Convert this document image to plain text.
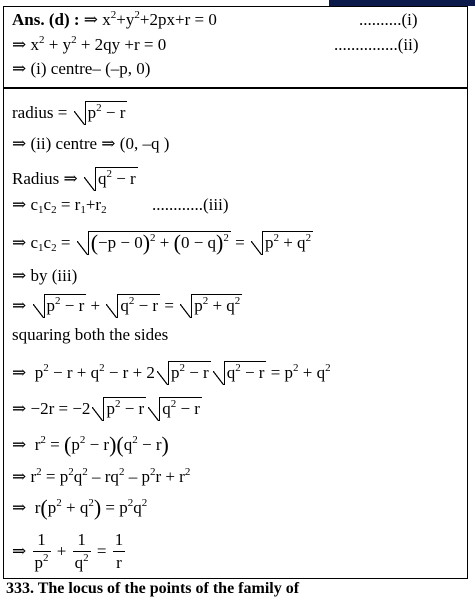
Ans. (d) : ⇒ $x^2+y^2+2px+r = 0$	..........(i)
⇒ $x^2 + y^2 + 2qy +r = 0$	...............(ii)
⇒ (i) centre– (–p, 0)
radius = $p^2 - r$
⇒ (ii) centre ⇒ (0, –q )
Radius ⇒ $q^2 - r$
⇒ $c_1c_2 = r_1+r_2$	............(iii)
⇒ $c_1c_2 = (-p - 0)^2 + (0 - q)^2 = p^2 + q^2$
⇒ by (iii)
⇒ $p^2 - r + q^2 - r = p^2 + q^2$
squaring both the sides
⇒  $p^2 - r + q^2 - r + 2$ $p^2 - r$ $q^2 - r = p^2 + q^2$
⇒ −2r = −2 $p^2 - r$ $q^2 - r$
⇒  $r^2 = (p^2 - r)(q^2 - r)$
⇒ $r^2 = p^2q^2 - rq^2 - p^2r + r^2$
⇒  $r(p^2 + q^2) = p^2q^2$
⇒ $\frac{1}{p^2} + \frac{1}{q^2} = \frac{1}{r}$
333. The locus of the points of the family of
